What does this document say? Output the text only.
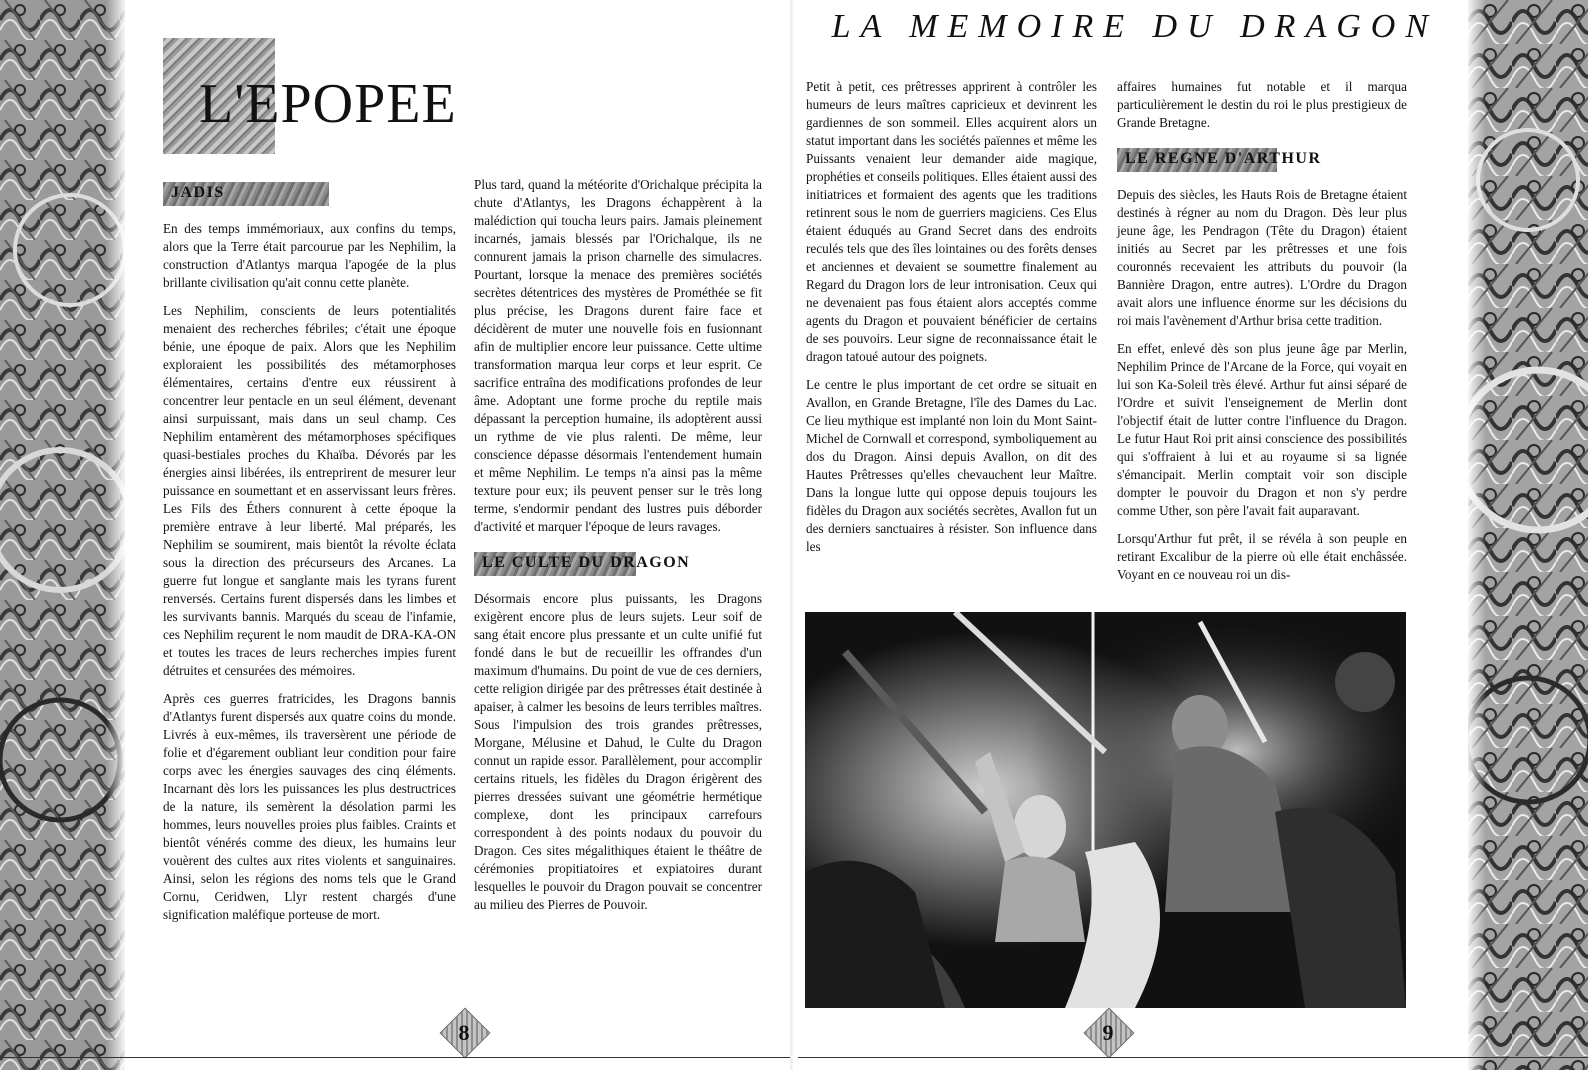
L'EPOPEE
JADIS

En des temps immémoriaux, aux confins du temps, alors que la Terre était parcourue par les Nephilim, la construction d'Atlantys marqua l'apogée de la plus brillante civilisation qu'ait connu cette planète.

Les Nephilim, conscients de leurs potentialités menaient des recherches fébriles; c'était une époque bénie, une époque de paix. Alors que les Nephilim exploraient les possibilités des métamorphoses élémentaires, certains d'entre eux réussirent à concentrer leur pentacle en un seul élément, devenant ainsi surpuissant, mais dans un seul champ. Ces Nephilim entamèrent des métamorphoses spécifiques quasi-bestiales proches du Khaïba. Dévorés par les énergies ainsi libérées, ils entreprirent de mesurer leur puissance en soumettant et en asservissant leurs frères. Les Fils des Éthers connurent à cette époque la première entrave à leur liberté. Mal préparés, les Nephilim se soumirent, mais bientôt la révolte éclata sous la direction des précurseurs des Arcanes. La guerre fut longue et sanglante mais les tyrans furent renversés. Certains furent dispersés dans les limbes et les survivants bannis. Marqués du sceau de l'infamie, ces Nephilim reçurent le nom maudit de DRA-KA-ON et toutes les traces de leurs recherches impies furent détruites et censurées des mémoires.

Après ces guerres fratricides, les Dragons bannis d'Atlantys furent dispersés aux quatre coins du monde. Livrés à eux-mêmes, ils traversèrent une période de folie et d'égarement oubliant leur condition pour faire corps avec les énergies sauvages des cinq éléments. Incarnant dès lors les puissances les plus destructrices de la nature, ils semèrent la désolation parmi les hommes, leurs nouvelles proies plus faibles. Craints et bientôt vénérés comme des dieux, les humains leur vouèrent des cultes aux rites violents et sanguinaires. Ainsi, selon les régions des noms tels que le Grand Cornu, Ceridwen, Llyr restent chargés d'une signification maléfique porteuse de mort.

Plus tard, quand la météorite d'Orichalque précipita la chute d'Atlantys, les Dragons échappèrent à la malédiction qui toucha leurs pairs. Jamais pleinement incarnés, jamais blessés par l'Orichalque, ils ne connurent jamais la prison charnelle des simulacres. Pourtant, lorsque la menace des premières sociétés secrètes détentrices des mystères de Prométhée se fit plus précise, les Dragons durent faire face et décidèrent de muter une nouvelle fois en fusionnant afin de multiplier encore leur puissance. Cette ultime transformation marqua leur corps et leur esprit. Ce sacrifice entraîna des modifications profondes de leur âme. Adoptant une forme proche du reptile mais dépassant la perception humaine, ils adoptèrent aussi un rythme de vie plus ralenti. De même, leur conscience dépasse désormais l'entendement humain et même Nephilim. Le temps n'a ainsi pas la même texture pour eux; ils peuvent penser sur le très long terme, s'endormir pendant des lustres puis déborder d'activité et marquer l'époque de leurs ravages.

LE CULTE DU DRAGON

Désormais encore plus puissants, les Dragons exigèrent encore plus de leurs sujets. Leur soif de sang était encore plus pressante et un culte unifié fut fondé dans le but de recueillir les offrandes d'un maximum d'humains. Du point de vue de ces derniers, cette religion dirigée par des prêtresses était destinée à apaiser, à calmer les besoins de leurs terribles maîtres. Sous l'impulsion des trois grandes prêtresses, Morgane, Mélusine et Dahud, le Culte du Dragon connut un rapide essor. Parallèlement, pour accomplir certains rituels, les fidèles du Dragon érigèrent des pierres dressées suivant une géométrie hermétique complexe, dont les principaux carrefours correspondent à des points nodaux du pouvoir du Dragon. Ces sites mégalithiques étaient le théâtre de cérémonies propitiatoires et expiatoires durant lesquelles le pouvoir du Dragon pouvait se concentrer au milieu des Pierres de Pouvoir.

8
LA MEMOIRE DU DRAGON

Petit à petit, ces prêtresses apprirent à contrôler les humeurs de leurs maîtres capricieux et devinrent les gardiennes de son sommeil. Elles acquirent alors un statut important dans les sociétés païennes et même les Puissants venaient leur demander aide magique, prophéties et conseils politiques. Elles étaient aussi des initiatrices et formaient des agents que les traditions retinrent sous le nom de guerriers magiciens. Ces Elus étaient éduqués au Grand Secret dans des endroits reculés tels que des îles lointaines ou des forêts denses et anciennes et devaient se soumettre finalement au Regard du Dragon lors de leur intronisation. Ceux qui ne devenaient pas fous étaient alors acceptés comme agents du Dragon et pouvaient bénéficier de certains de ses pouvoirs. Leur signe de reconnaissance était le dragon tatoué autour des poignets.

Le centre le plus important de cet ordre se situait en Avallon, en Grande Bretagne, l'île des Dames du Lac. Ce lieu mythique est implanté non loin du Mont Saint-Michel de Cornwall et correspond, symboliquement au dos du Dragon. Ainsi depuis Avallon, on dit des Hautes Prêtresses qu'elles chevauchent leur Maître. Dans la longue lutte qui oppose depuis toujours les fidèles du Dragon aux sociétés secrètes, Avallon fut un des derniers sanctuaires à résister. Son influence dans les

affaires humaines fut notable et il marqua particulièrement le destin du roi le plus prestigieux de Grande Bretagne.

LE REGNE D'ARTHUR

Depuis des siècles, les Hauts Rois de Bretagne étaient destinés à régner au nom du Dragon. Dès leur plus jeune âge, les Pendragon (Tête du Dragon) étaient initiés au Secret par les prêtresses et une fois couronnés recevaient les attributs du pouvoir (la Bannière Dragon, entre autres). L'Ordre du Dragon avait alors une influence énorme sur les décisions du roi mais l'avènement d'Arthur brisa cette tradition.

En effet, enlevé dès son plus jeune âge par Merlin, Nephilim Prince de l'Arcane de la Force, qui voyait en lui son Ka-Soleil très élevé. Arthur fut ainsi séparé de l'Ordre et suivit l'enseignement de Merlin dont l'objectif était de lutter contre l'influence du Dragon. Le futur Haut Roi prit ainsi conscience des possibilités qui s'offraient à lui et au royaume si sa lignée s'émancipait. Merlin comptait voir son disciple dompter le pouvoir du Dragon et non s'y perdre comme Uther, son père l'avait fait auparavant.

Lorsqu'Arthur fut prêt, il se révéla à son peuple en retirant Excalibur de la pierre où elle était enchâssée. Voyant en ce nouveau roi un dis-

9
